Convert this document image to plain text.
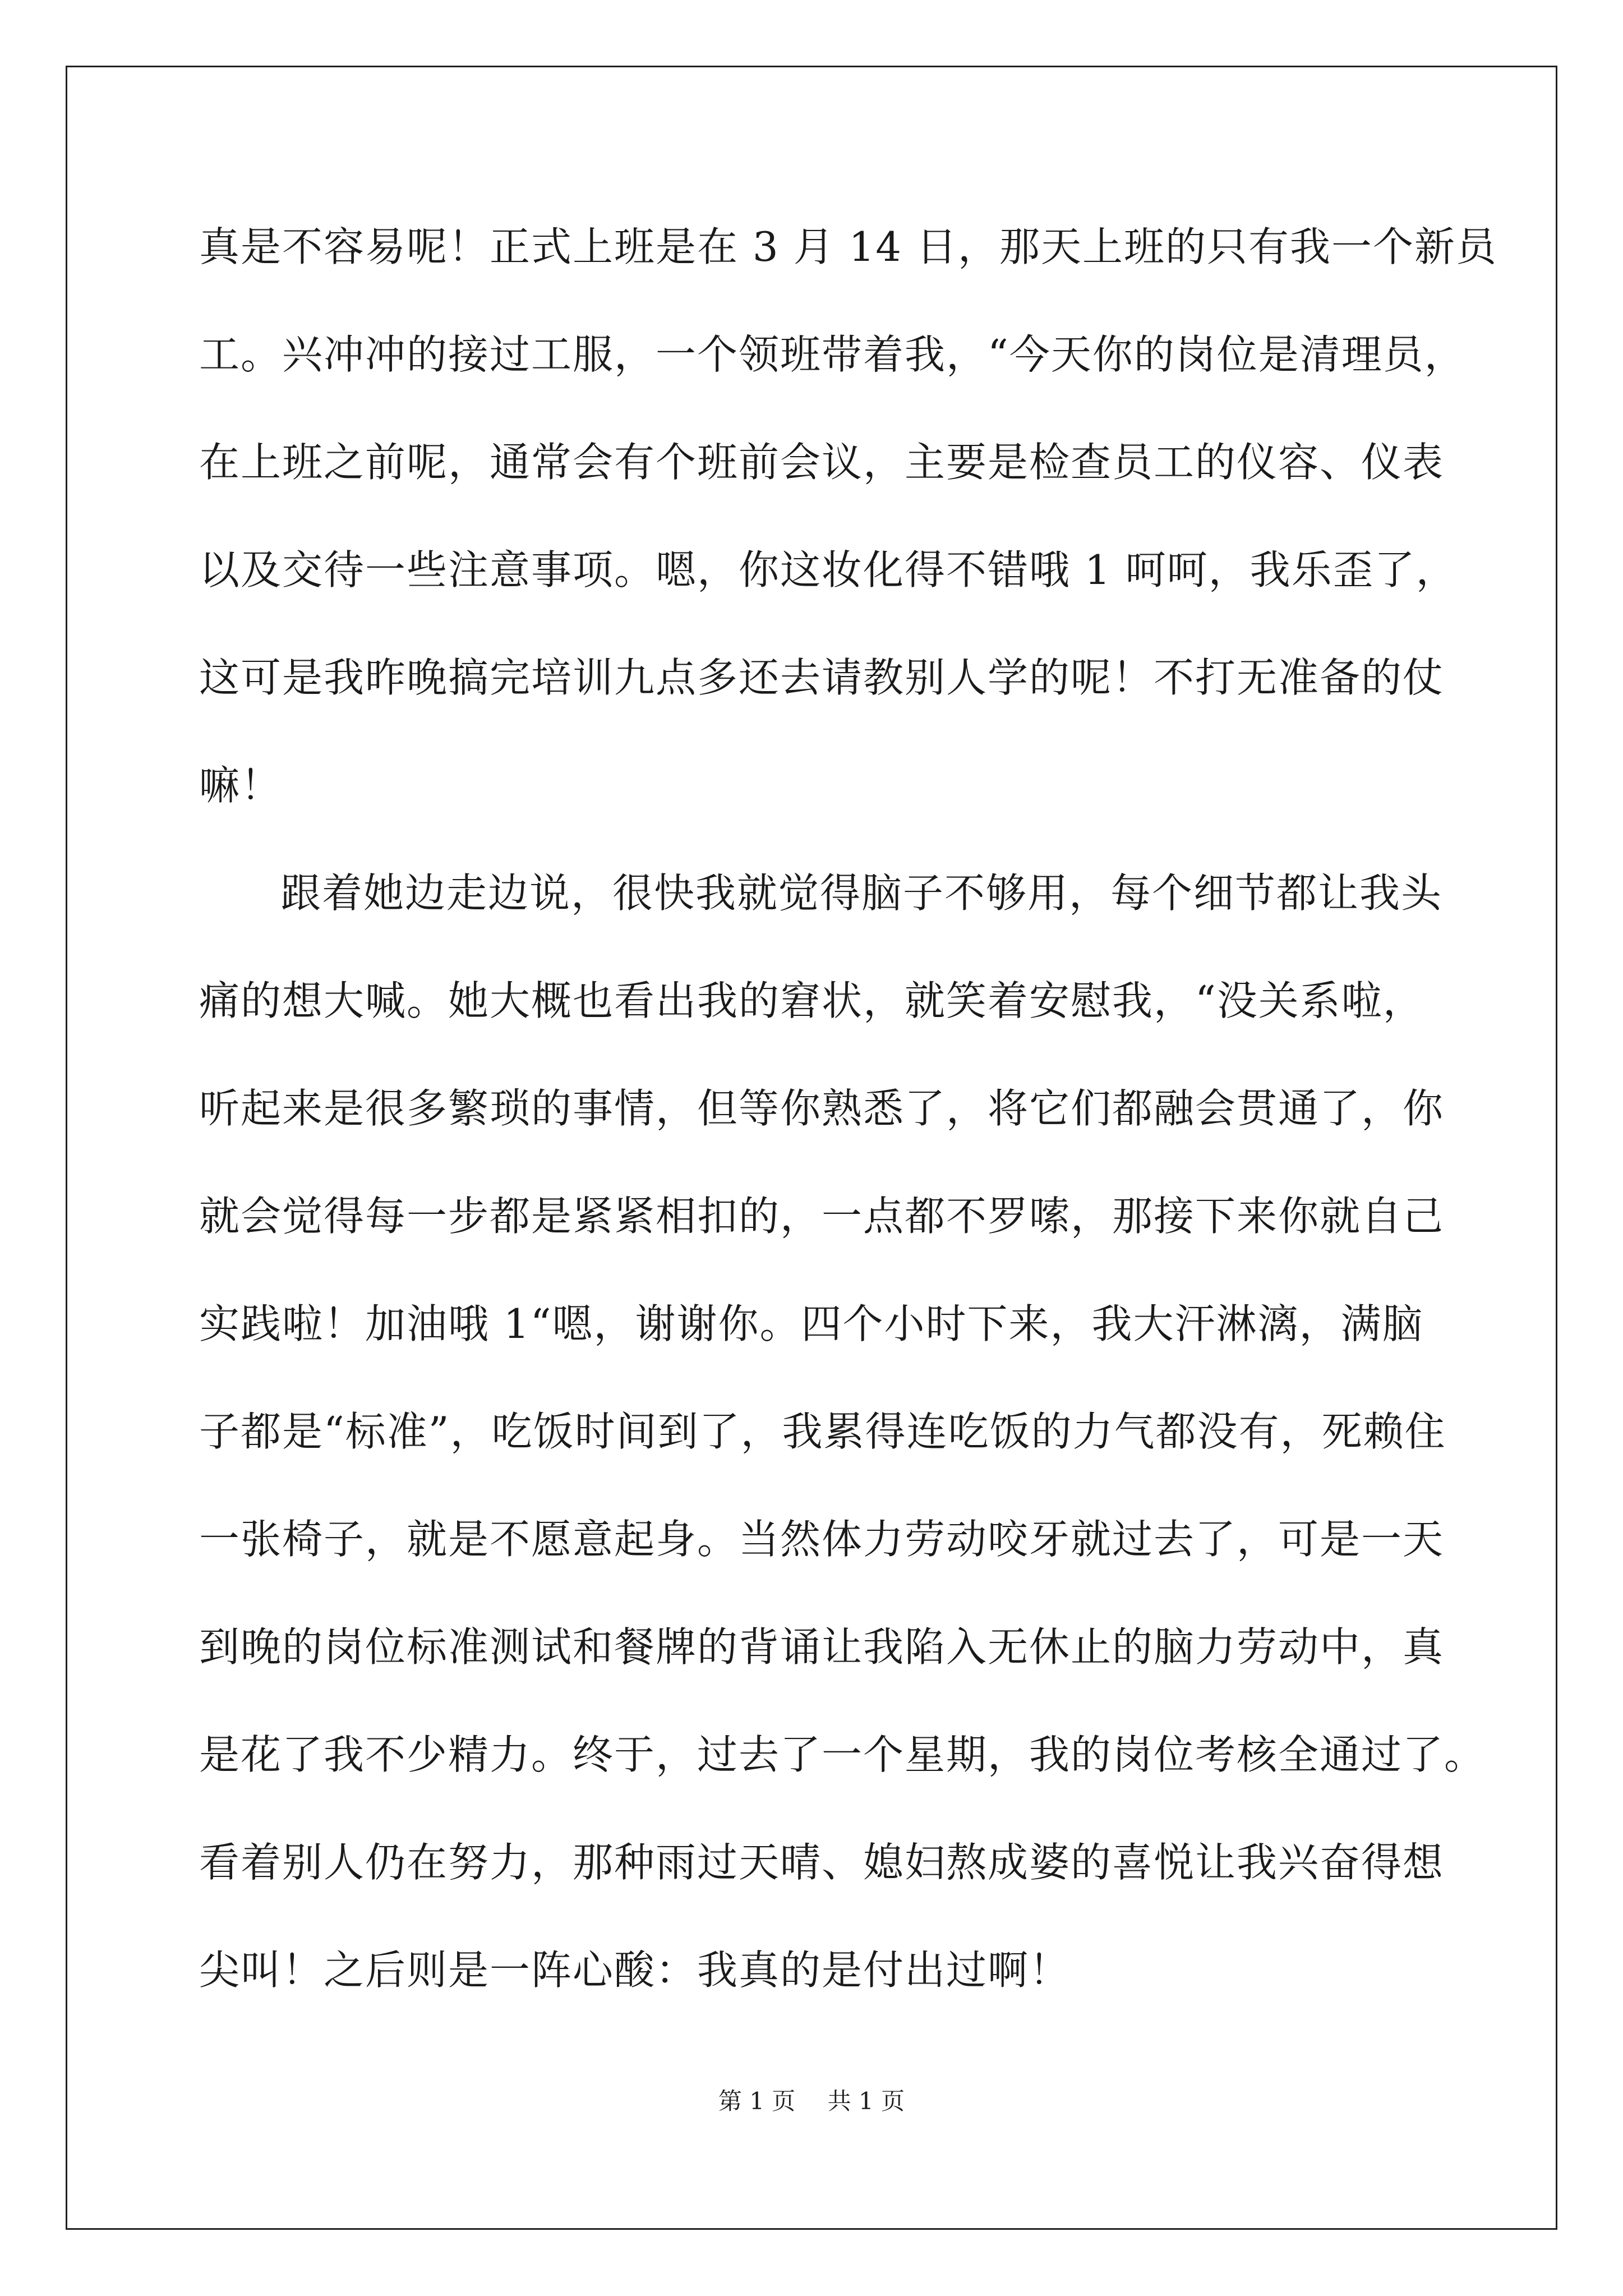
真是不容易呢！正式上班是在 3 月 14 日，那天上班的只有我一个新员
工。兴冲冲的接过工服，一个领班带着我，“今天你的岗位是清理员，
在上班之前呢，通常会有个班前会议，主要是检查员工的仪容、仪表
以及交待一些注意事项。嗯，你这妆化得不错哦 1 呵呵，我乐歪了，
这可是我昨晚搞完培训九点多还去请教别人学的呢！不打无准备的仗
嘛！
跟着她边走边说，很快我就觉得脑子不够用，每个细节都让我头
痛的想大喊。她大概也看出我的窘状，就笑着安慰我，“没关系啦，
听起来是很多繁琐的事情，但等你熟悉了，将它们都融会贯通了，你
就会觉得每一步都是紧紧相扣的，一点都不罗嗦，那接下来你就自己
实践啦！加油哦 1“嗯，谢谢你。四个小时下来，我大汗淋漓，满脑
子都是“标准”，吃饭时间到了，我累得连吃饭的力气都没有，死赖住
一张椅子，就是不愿意起身。当然体力劳动咬牙就过去了，可是一天
到晚的岗位标准测试和餐牌的背诵让我陷入无休止的脑力劳动中，真
是花了我不少精力。终于，过去了一个星期，我的岗位考核全通过了。
看着别人仍在努力，那种雨过天晴、媳妇熬成婆的喜悦让我兴奋得想
尖叫！之后则是一阵心酸：我真的是付出过啊！
第 1 页 共 1 页
